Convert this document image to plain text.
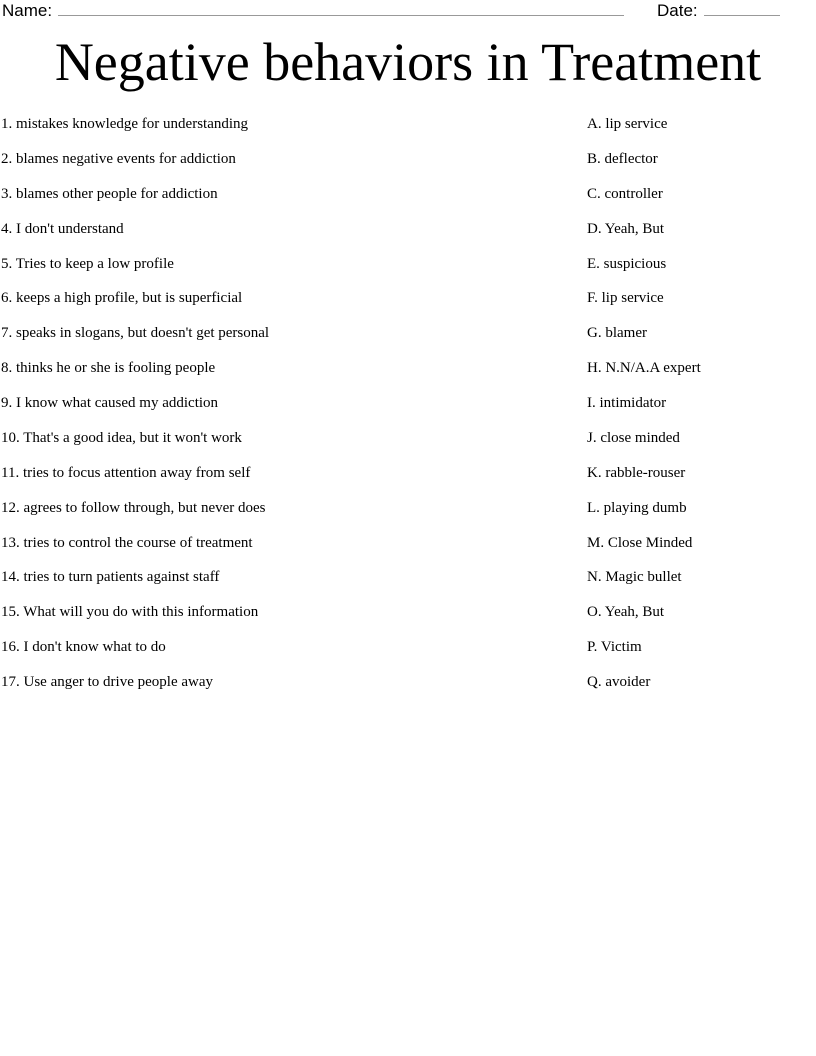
Name:	Date:
Negative behaviors in Treatment
1. mistakes knowledge for understanding
2. blames negative events for addiction
3. blames other people for addiction
4. I don't understand
5. Tries to keep a low profile
6. keeps a high profile, but is superficial
7. speaks in slogans, but doesn't get personal
8. thinks he or she is fooling people
9. I know what caused my addiction
10. That's a good idea, but it won't work
11. tries to focus attention away from self
12. agrees to follow through, but never does
13. tries to control the course of treatment
14. tries to turn patients against staff
15. What will you do with this information
16. I don't know what to do
17. Use anger to drive people away
A. lip service
B. deflector
C. controller
D. Yeah, But
E. suspicious
F. lip service
G. blamer
H. N.N/A.A expert
I. intimidator
J. close minded
K. rabble-rouser
L. playing dumb
M. Close Minded
N. Magic bullet
O. Yeah, But
P. Victim
Q. avoider
